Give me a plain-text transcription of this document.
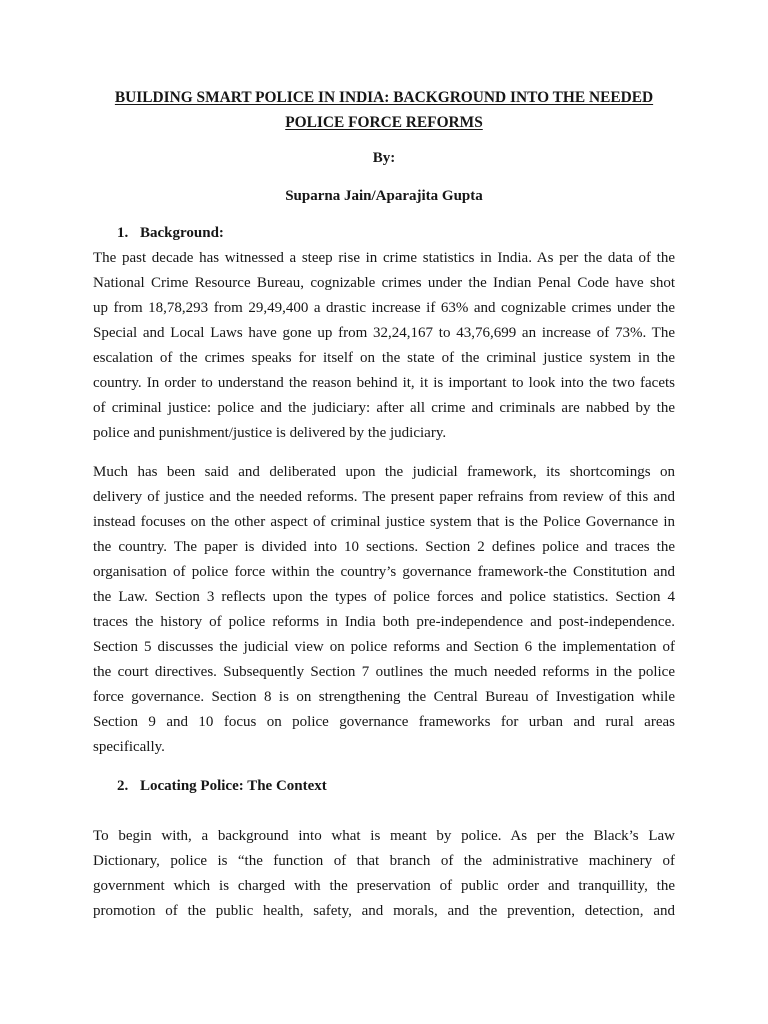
BUILDING SMART POLICE IN INDIA: BACKGROUND INTO THE NEEDED
POLICE FORCE REFORMS
By:
Suparna Jain/Aparajita Gupta
1. Background:
The past decade has witnessed a steep rise in crime statistics in India. As per the data of the
National Crime Resource Bureau, cognizable crimes under the Indian Penal Code have shot
up from 18,78,293 from 29,49,400 a drastic increase if 63% and cognizable crimes under the
Special and Local Laws have gone up from 32,24,167 to 43,76,699 an increase of 73%. The
escalation of the crimes speaks for itself on the state of the criminal justice system in the
country. In order to understand the reason behind it, it is important to look into the two facets
of criminal justice: police and the judiciary: after all crime and criminals are nabbed by the
police and punishment/justice is delivered by the judiciary.
Much has been said and deliberated upon the judicial framework, its shortcomings on
delivery of justice and the needed reforms. The present paper refrains from review of this and
instead focuses on the other aspect of criminal justice system that is the Police Governance in
the country. The paper is divided into 10 sections. Section 2 defines police and traces the
organisation of police force within the country’s governance framework-the Constitution and
the Law. Section 3 reflects upon the types of police forces and police statistics. Section 4
traces the history of police reforms in India both pre-independence and post-independence.
Section 5 discusses the judicial view on police reforms and Section 6 the implementation of
the court directives. Subsequently Section 7 outlines the much needed reforms in the police
force governance. Section 8 is on strengthening the Central Bureau of Investigation while
Section 9 and 10 focus on police governance frameworks for urban and rural areas
specifically.
2. Locating Police: The Context
To begin with, a background into what is meant by police. As per the Black’s Law
Dictionary, police is “the function of that branch of the administrative machinery of
government which is charged with the preservation of public order and tranquillity, the
promotion of the public health, safety, and morals, and the prevention, detection, and
